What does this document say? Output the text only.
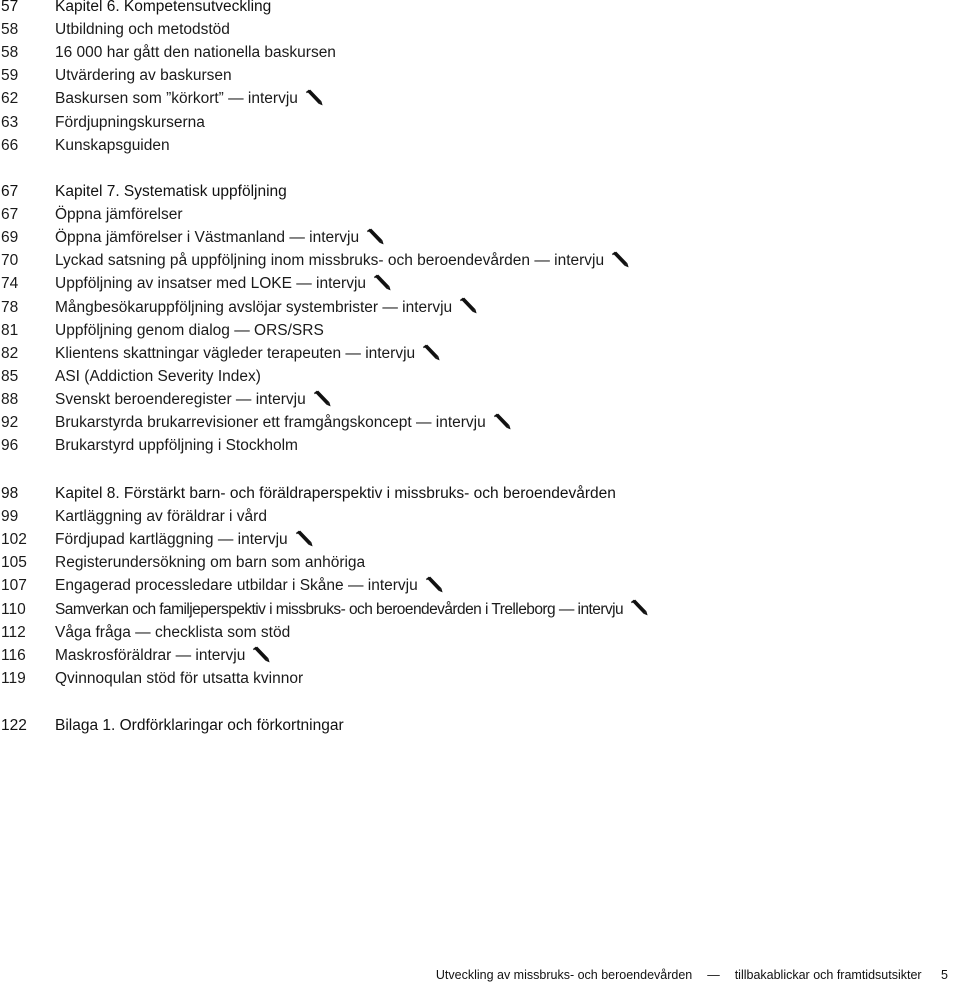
57	Kapitel 6. Kompetensutveckling
58	Utbildning och metodstöd
58	16 000 har gått den nationella baskursen
59	Utvärdering av baskursen
62	Baskursen som ”körkort” — intervju
63	Fördjupningskurserna
66	Kunskapsguiden
67	Kapitel 7. Systematisk uppföljning
67	Öppna jämförelser
69	Öppna jämförelser i Västmanland — intervju
70	Lyckad satsning på uppföljning inom missbruks- och beroendevården — intervju
74	Uppföljning av insatser med LOKE — intervju
78	Mångbesökaruppföljning avslöjar systembrister — intervju
81	Uppföljning genom dialog — ORS/SRS
82	Klientens skattningar vägleder terapeuten — intervju
85	ASI (Addiction Severity Index)
88	Svenskt beroenderegister — intervju
92	Brukarstyrda brukarrevisioner ett framgångskoncept — intervju
96	Brukarstyrd uppföljning i Stockholm
98	Kapitel 8. Förstärkt barn- och föräldraperspektiv i missbruks- och beroendevården
99	Kartläggning av föräldrar i vård
102	Fördjupad kartläggning — intervju
105	Registerundersökning om barn som anhöriga
107	Engagerad processledare utbildar i Skåne — intervju
110	Samverkan och familjeperspektiv i missbruks- och beroendevården i Trelleborg — intervju
112	Våga fråga — checklista som stöd
116	Maskrosföräldrar — intervju
119	Qvinnoqulan stöd för utsatta kvinnor
122	Bilaga 1. Ordförklaringar och förkortningar
Utveckling av missbruks- och beroendevården — tillbakablickar och framtidsutsikter 5
